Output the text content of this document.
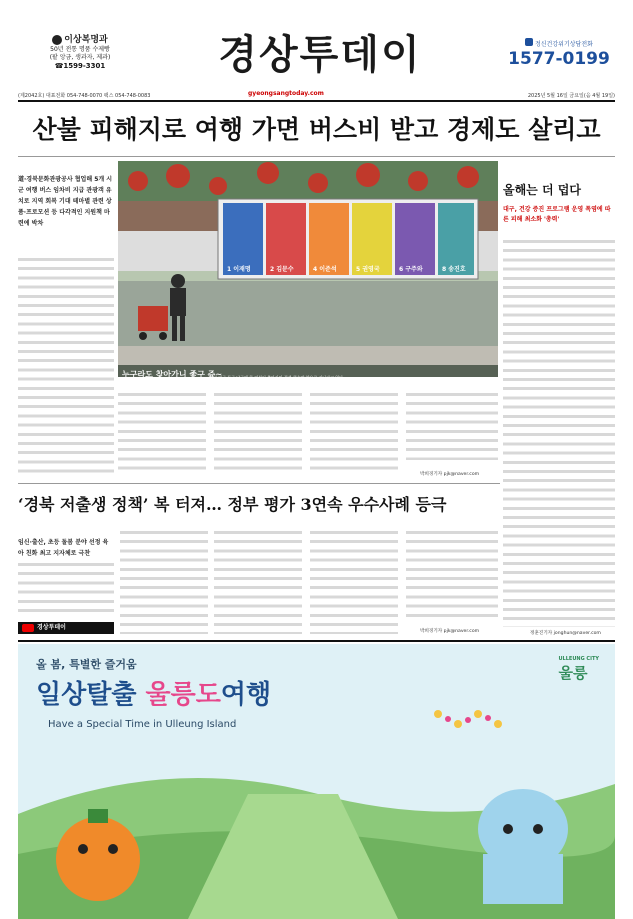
이상복명과
50년 전통 명품 수제빵
(팥 앙금, 생과자, 제과)
☎1599-3301	경상투데이	정신건강위기상담전화
1577-0199
(제2042호) 대표전화 054-748-0070 팩스 054-748-0083	gyeongsangtoday.com	2025년 5월 16일 금요일(음 4월 19일)
산불 피해지로 여행 가면 버스비 받고 경제도 살리고
道·경북문화관광공사 협업해 5개 시군 여행 버스 임차비 지급 관광객 유치로 지역 회복 기대 테마별 관련 상품·프로모션 등 다각적인 지원책 마련에 박차
1 이재명	2 김문수	4 이준석	5 권영국	6 구주와	8 송진호
누구라도 찾아가니 좋구 쥬~
15일 대구 동구 남구에 한 여성이 출마자와 걸개 현수막 앞으로 지나가고 있다.
박희경기자 pjk@naver.com
올해는 더 덥다
대구, 건강 증진 프로그램 운영 폭염에 따른 피해 최소화 '총력'
정훈진기자 jonghun@naver.com
‘경북 저출생 정책’ 복 터져… 정부 평가 3연속 우수사례 등극
임신·출산, 초등 돌봄 분야 선정 육아 친화 최고 지자체로 극찬
경상투데이
박희경기자 pjk@naver.com
올 봄, 특별한 즐거움
일상탈출 울릉도여행
Have a Special Time in Ulleung Island
ULLEUNG CITY
울릉
